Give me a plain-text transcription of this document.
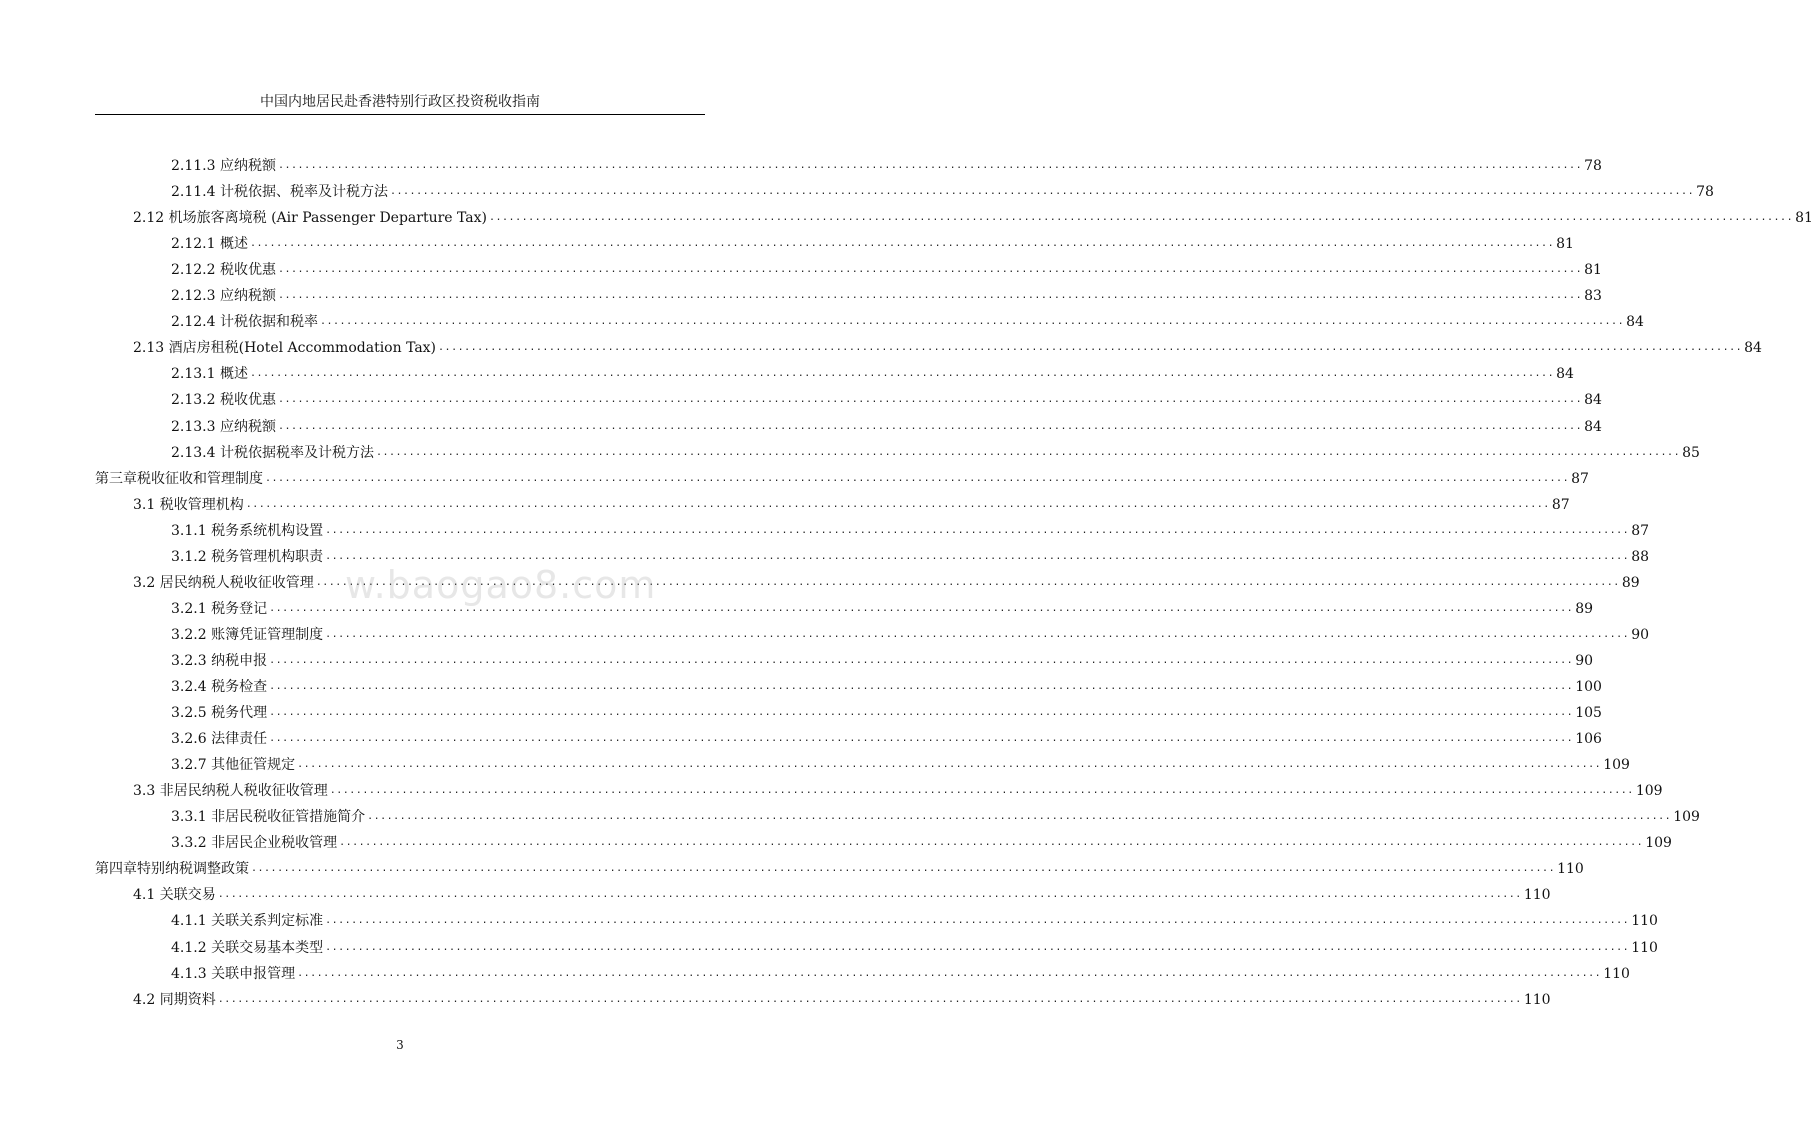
中国内地居民赴香港特别行政区投资税收指南
2.11.3 应纳税额 ........................................................................................................................................................................................................ 78
2.11.4 计税依据、税率及计税方法 ........................................................................................................................................................................................................ 78
2.12 机场旅客离境税 (Air Passenger Departure Tax) ........................................................................................................................................................................................................ 81
2.12.1 概述 ........................................................................................................................................................................................................ 81
2.12.2 税收优惠 ........................................................................................................................................................................................................ 81
2.12.3 应纳税额 ........................................................................................................................................................................................................ 83
2.12.4 计税依据和税率 ........................................................................................................................................................................................................ 84
2.13 酒店房租税(Hotel Accommodation Tax) ........................................................................................................................................................................................................ 84
2.13.1 概述 ........................................................................................................................................................................................................ 84
2.13.2 税收优惠 ........................................................................................................................................................................................................ 84
2.13.3 应纳税额 ........................................................................................................................................................................................................ 84
2.13.4 计税依据税率及计税方法 ........................................................................................................................................................................................................ 85
第三章税收征收和管理制度 ........................................................................................................................................................................................................ 87
3.1 税收管理机构 ........................................................................................................................................................................................................ 87
3.1.1 税务系统机构设置 ........................................................................................................................................................................................................ 87
3.1.2 税务管理机构职责 ........................................................................................................................................................................................................ 88
3.2 居民纳税人税收征收管理 ........................................................................................................................................................................................................ 89
3.2.1 税务登记 ........................................................................................................................................................................................................ 89
3.2.2 账簿凭证管理制度 ........................................................................................................................................................................................................ 90
3.2.3 纳税申报 ........................................................................................................................................................................................................ 90
3.2.4 税务检查 ........................................................................................................................................................................................................ 100
3.2.5 税务代理 ........................................................................................................................................................................................................ 105
3.2.6 法律责任 ........................................................................................................................................................................................................ 106
3.2.7 其他征管规定 ........................................................................................................................................................................................................ 109
3.3 非居民纳税人税收征收管理 ........................................................................................................................................................................................................ 109
3.3.1 非居民税收征管措施简介 ........................................................................................................................................................................................................ 109
3.3.2 非居民企业税收管理 ........................................................................................................................................................................................................ 109
第四章特别纳税调整政策 ........................................................................................................................................................................................................ 110
4.1 关联交易 ........................................................................................................................................................................................................ 110
4.1.1 关联关系判定标准 ........................................................................................................................................................................................................ 110
4.1.2 关联交易基本类型 ........................................................................................................................................................................................................ 110
4.1.3 关联申报管理 ........................................................................................................................................................................................................ 110
4.2 同期资料 ........................................................................................................................................................................................................ 110
w.baogao8.com
3
